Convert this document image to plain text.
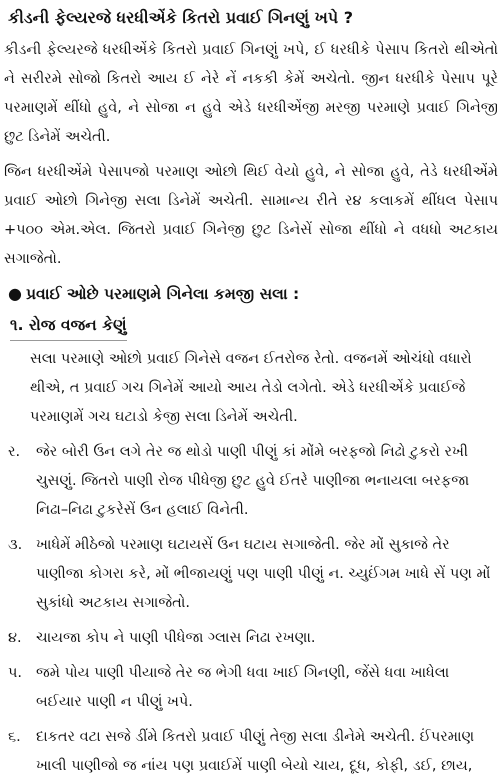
કીડની ફેલ્યરજે ધરધીએંકે કિતરો પ્રવાઈ ગિનણું ખપે ?

કીડની ફેલ્યરજે ધરધીએંકે કિતરો પ્રવાઈ ગિનણું ખપે, ઈ ધરધીકે પેસાપ કિતરો થીએતો ને સરીરમે સોજો કિતરો આય ઈ નેરે નેં નકકી કેમેં અચેતો. જીન ધરધીકે પેસાપ પૂરે પરમાણમેં થીંધો હુવે, ને સોજા ન હુવે એડે ધરધીએંજી મરજી પરમાણે પ્રવાઈ ગિનેજી છુટ ડિનેમેં અચેતી.

જિન ધરધીએંમે પેસાપજો પરમાણ ઓછો થિઈ વેયો હુવે, ને સોજા હુવે, તેડે ધરધીએંમે પ્રવાઈ ઓછો ગિનેજી સલા ડિનેમેં અચેતી. સામાન્ય રીતે ર૪ કલાકમેં થીંધલ પેસાપ +પ૦૦ એમ.એલ. જિતરો પ્રવાઈ ગિનેજી છુટ ડિનેસેં સોજા થીંધો ને વધધો અટકાય સગાજેતો.

● પ્રવાઈ ઓછે પરમાણમે ગિનેલા કમજી સલા :
૧. રોજ વજન કેણું

સલા પરમાણે ઓછો પ્રવાઈ ગિનેસે વજન ઈતરોજ રેતો. વજનમેં ઓચંધો વધારો થીએ, ત પ્રવાઈ ગચ ગિનેમેં આયો આય તેડો લગેતો. એડે ધરધીએંકે પ્રવાઈજે પરમાણમેં ગચ ઘટાડો કેજી સલા ડિનેમેં અચેતી.

ર.	જેર બોરી ઉન લગે તેર જ થોડો પાણી પીણું કાં મોંમે બરફજો નિઢો ટુકરો રખી ચુસણું. જિતરો પાણી રોજ પીધેજી છુટ હુવે ઈતરે પાણીજા ભનાયલા બરફજા નિઢા–નિઢા ટુકરેસેં ઉન હલાઈ વિનેતી.
૩. ખાધેમેં મીઠેજો પરમાણ ઘટાયસેં ઉન ઘટાય સગાજેતી. જેર મોં સુકાજે તેર પાણીજા કોગરા કરે, મોં ભીજાયણું પણ પાણી પીણું ન. ચ્યુઈંગમ ખાધે સેં પણ મોં સુકાંધો અટકાય સગાજેતો.
૪. ચાયજા કોપ ને પાણી પીધેજા ગ્લાસ નિઢા રખણા.
પ. જમે પોય પાણી પીયાજે તેર જ ભેગી ધવા ખાઈ ગિનણી, જેંસે ધવા ખાધેલા બઈયાર પાણી ન પીણું ખપે.
૬.	દાકતર વટા સજે ડીંમે કિતરો પ્રવાઈ પીણું તેજી સલા ડીનેમે અચેતી. ઈંપરમાણ ખાલી પાણીજો જ નાંય પણ પ્રવાઈમેં પાણી બેયો ચાય, દૂધ, કોફી, ડઈ, છાય,
